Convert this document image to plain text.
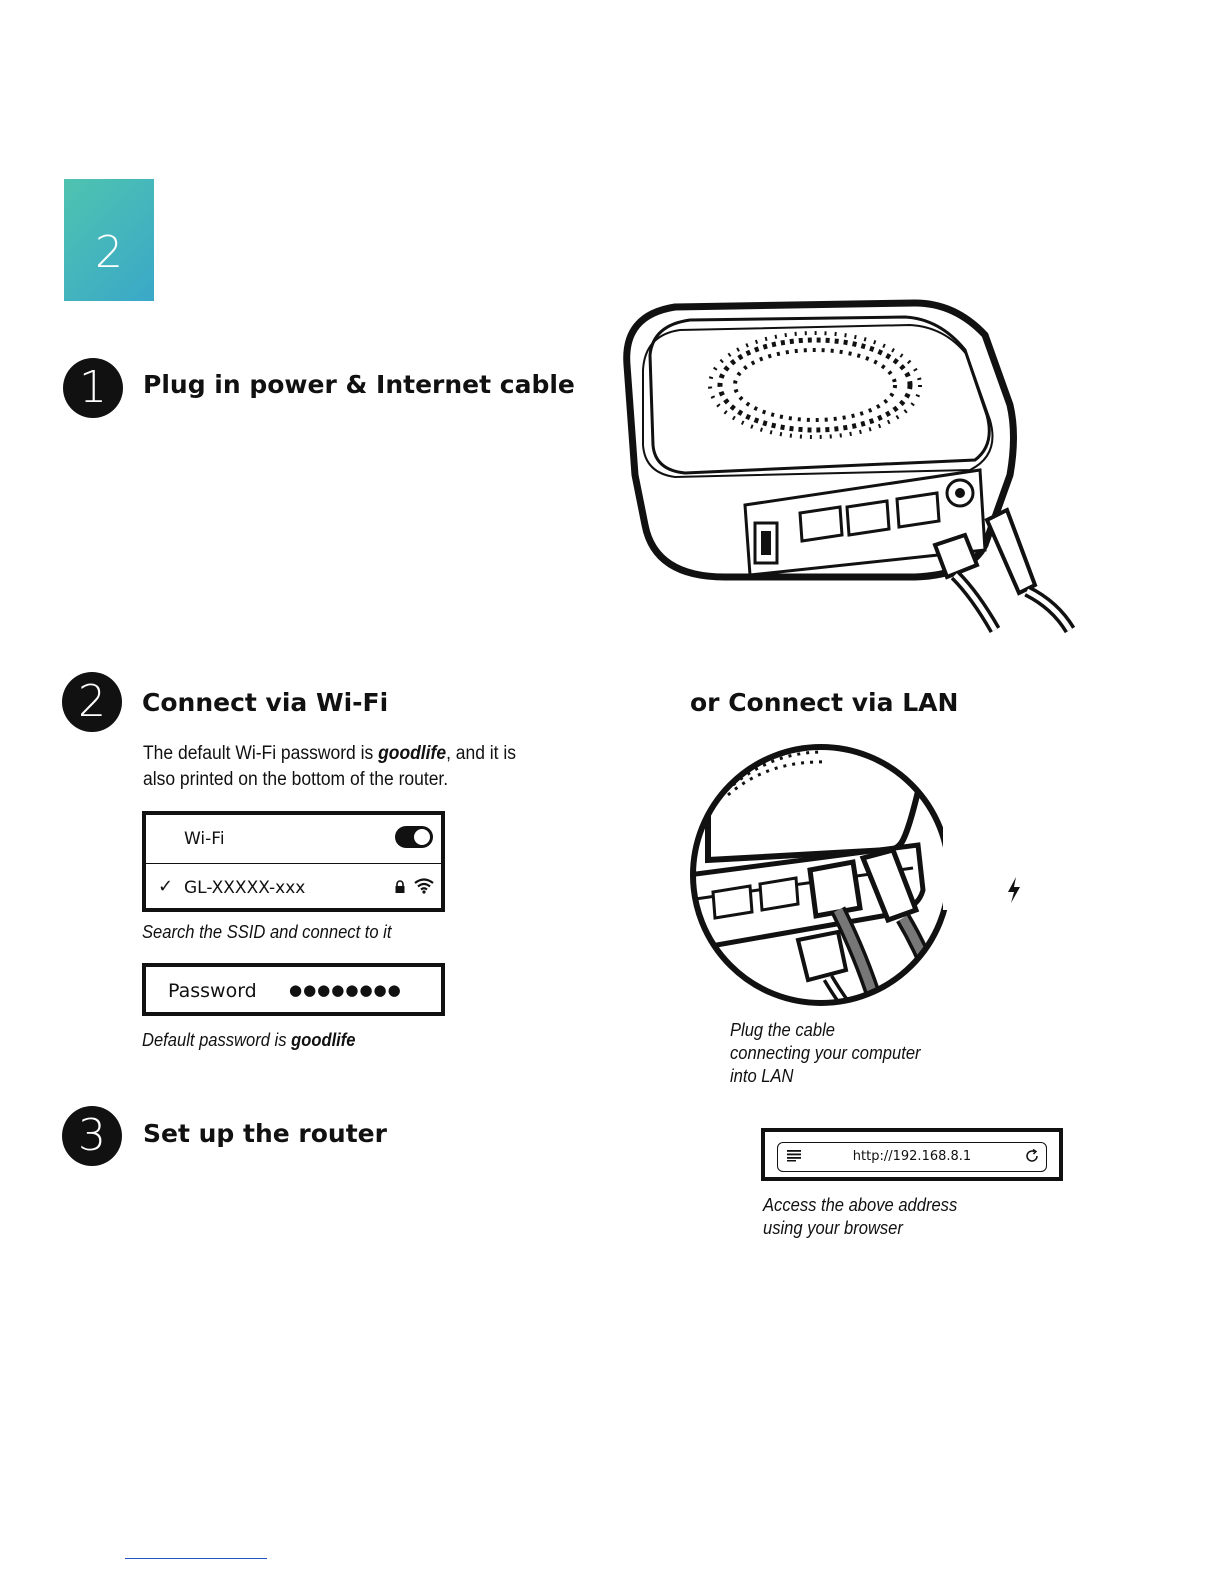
2
1	Plug in power & Internet cable
2	Connect via Wi-Fi
The default Wi-Fi password is goodlife, and it is also printed on the bottom of the router.
Wi-Fi
✓ GL-XXXXX-xxx
Search the SSID and connect to it
Password ●●●●●●●●
Default password is goodlife
or Connect via LAN
Plug the cable
connecting your computer
into LAN
3	Set up the router
http://192.168.8.1
Access the above address
using your browser
